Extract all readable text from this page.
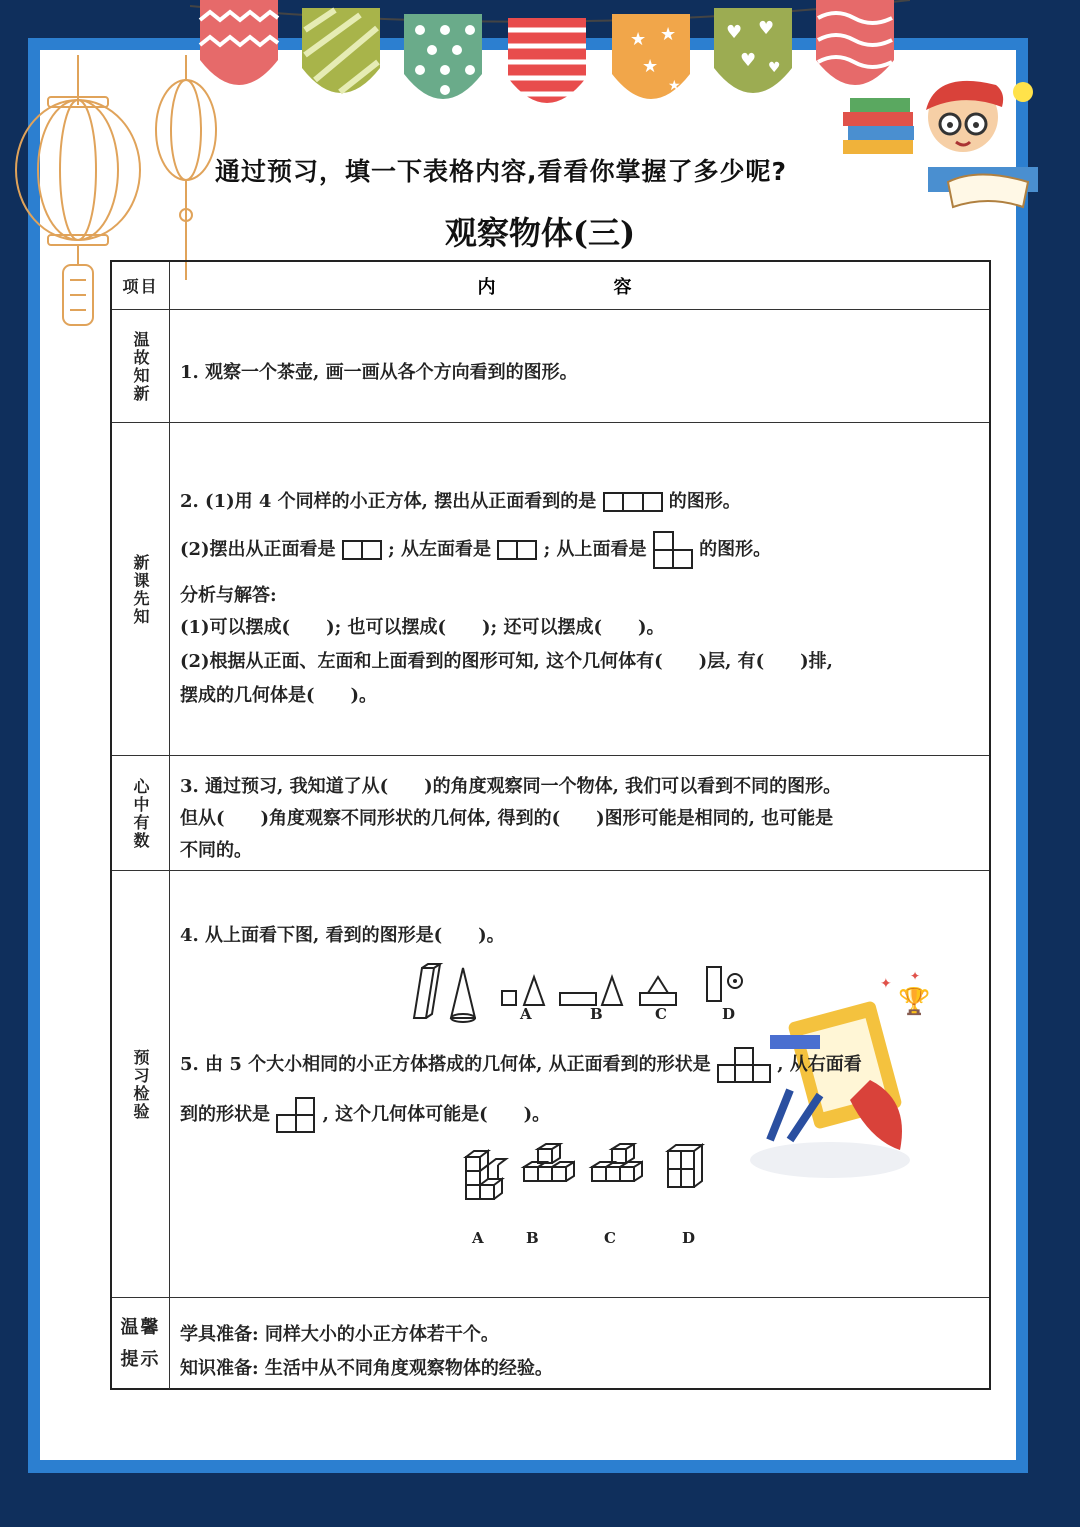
★ ★
★
★
♥ ♥
♥ ♥
🏆
✦ ✦
通过预习，填一下表格内容,看看你掌握了多少呢?
观察物体(三)
项目	内　容
温故知新 1. 观察一个茶壶, 画一画从各个方向看到的图形。

新课先知

2. (1)用 4 个同样的小正方体, 摆出从正面看到的是	的图形。

(2)摆出从正面看是	; 从左面看是	; 从上面看是	的图形。

分析与解答:

(1)可以摆成(　　); 也可以摆成(　　); 还可以摆成(　　)。

(2)根据从正面、左面和上面看到的图形可知, 这个几何体有(　　)层, 有(　　)排,

摆成的几何体是(　　)。

心中有数 3. 通过预习, 我知道了从(　　)的角度观察同一个物体, 我们可以看到不同的图形。

但从(　　)角度观察不同形状的几何体, 得到的(　　)图形可能是相同的, 也可能是

不同的。

预习检验

4. 从上面看下图, 看到的图形是(　　)。

A	B	C	D

5. 由 5 个大小相同的小正方体搭成的几何体, 从正面看到的形状是	, 从右面看

到的形状是	, 这个几何体可能是(　　)。

A	B	C	D
温馨提示

学具准备: 同样大小的小正方体若干个。

知识准备: 生活中从不同角度观察物体的经验。
